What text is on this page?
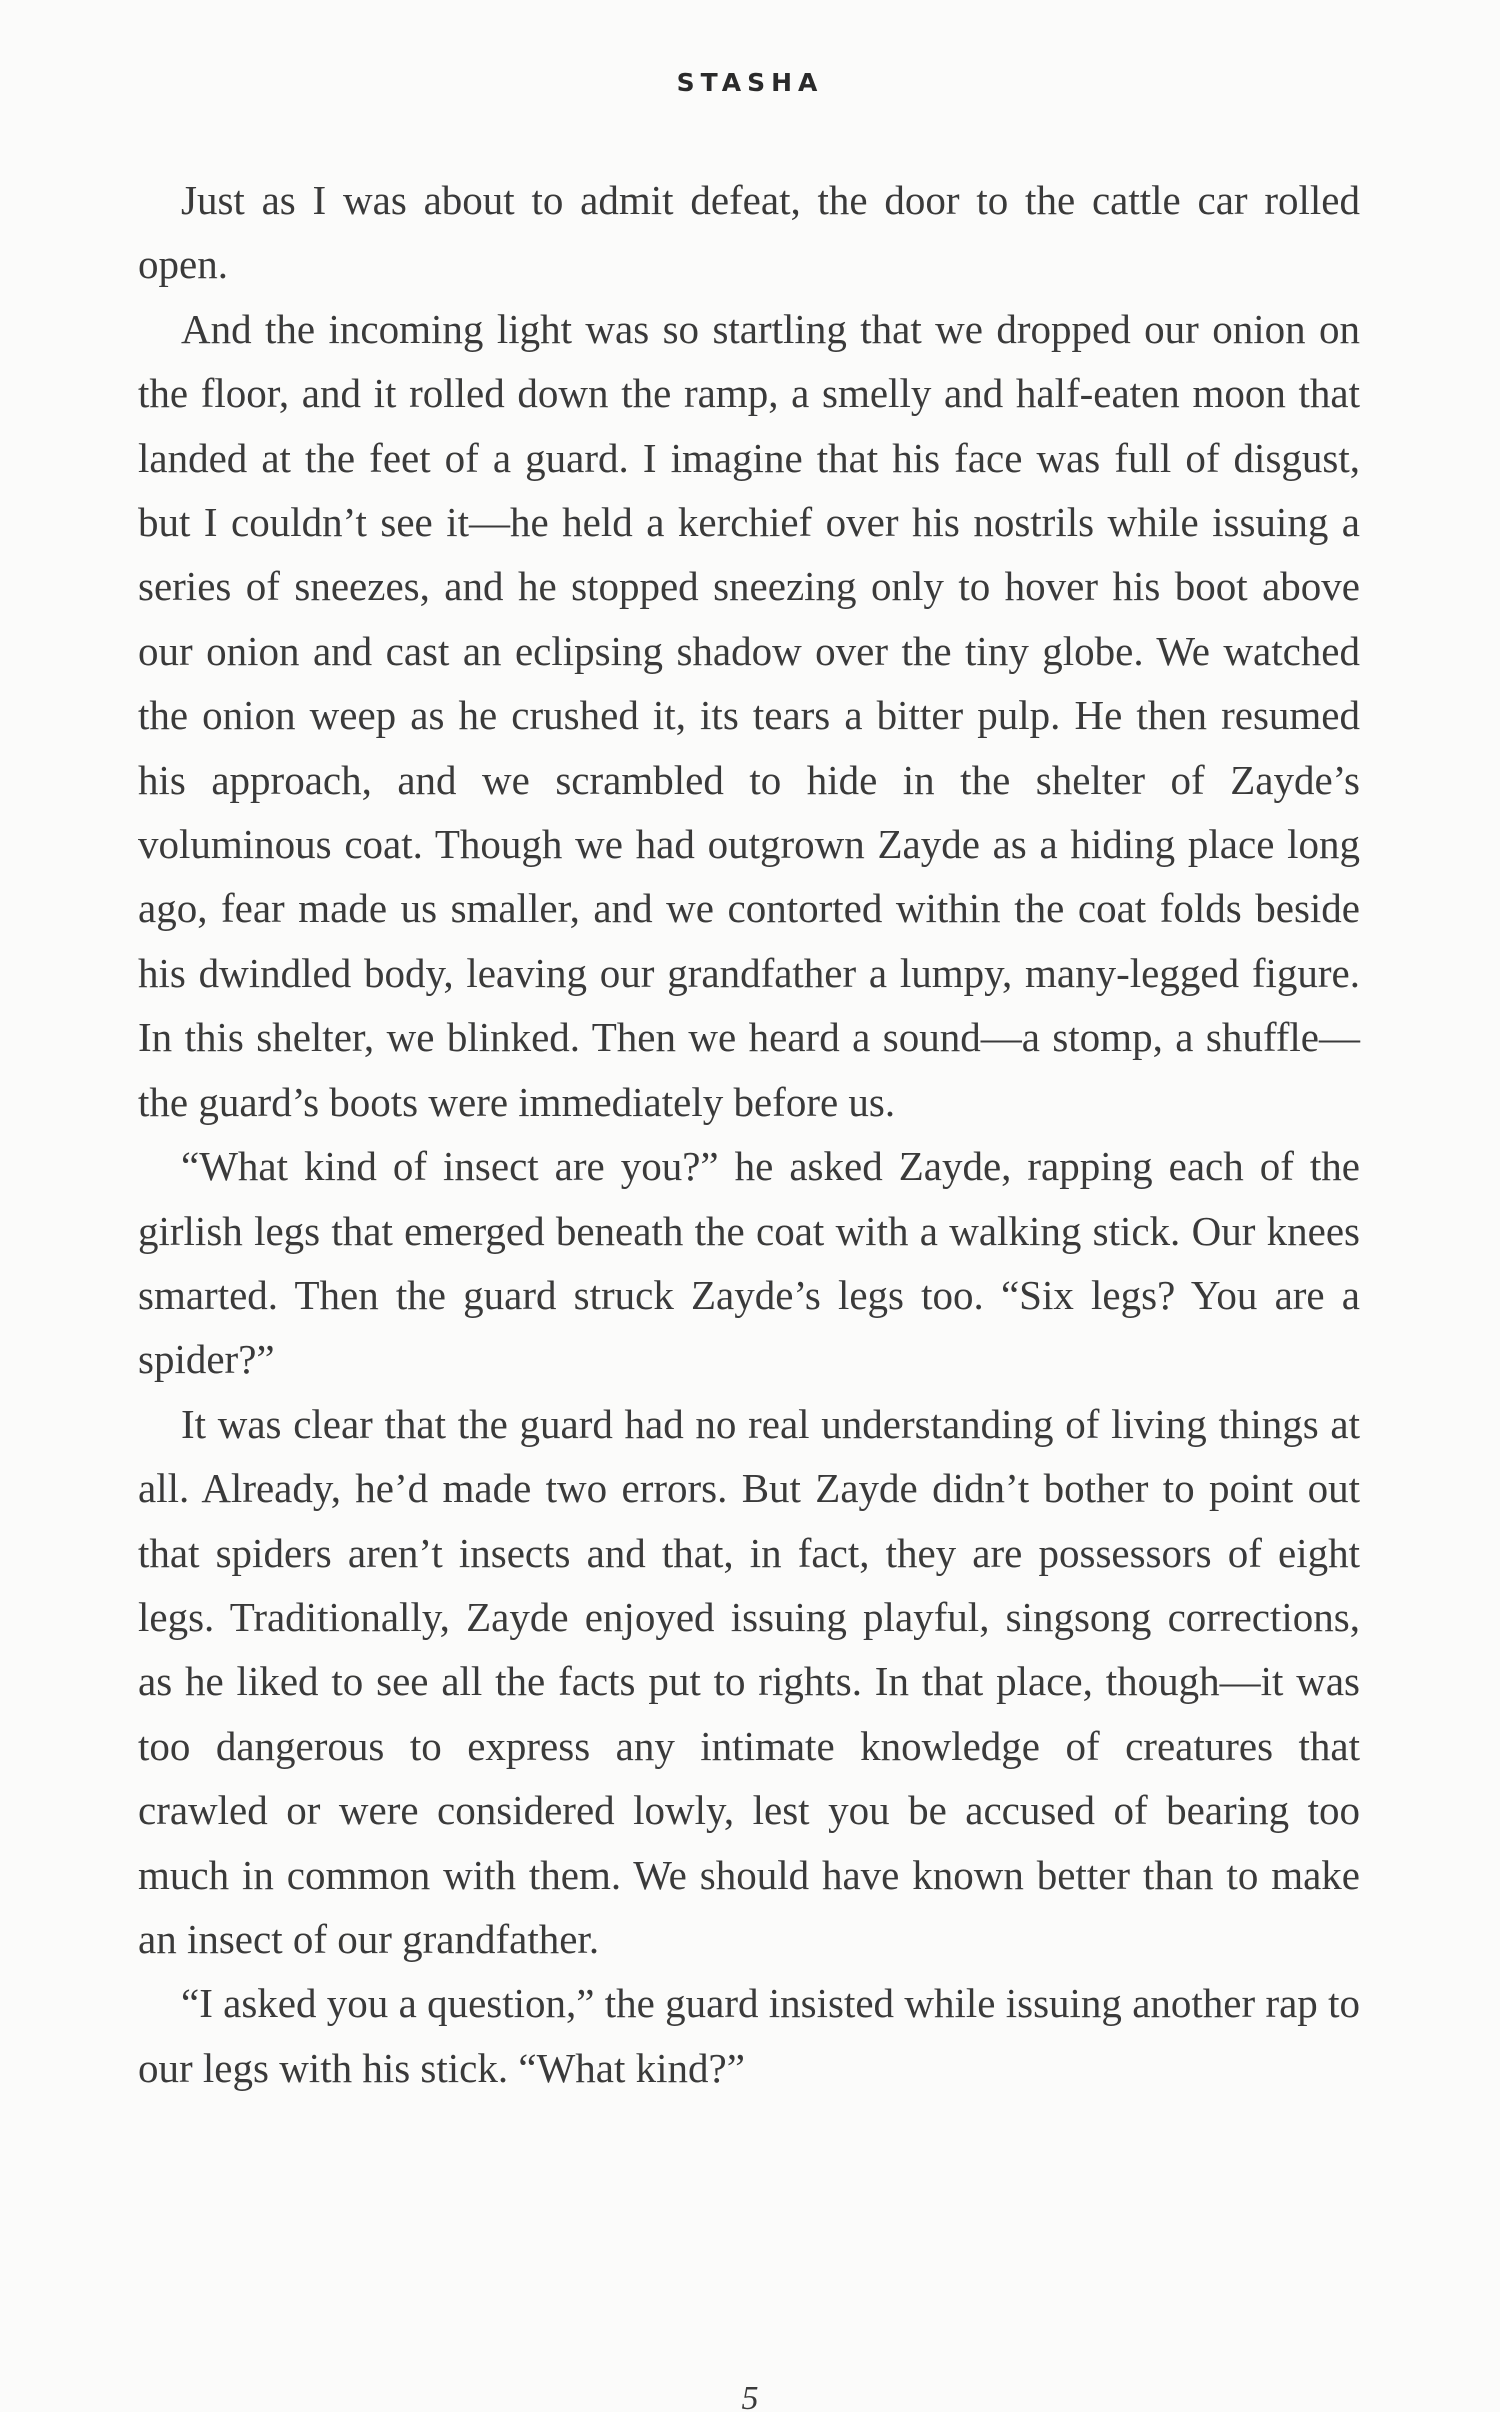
STASHA

Just as I was about to admit defeat, the door to the cattle car rolled open.

And the incoming light was so startling that we dropped our onion on the floor, and it rolled down the ramp, a smelly and half-eaten moon that landed at the feet of a guard. I imagine that his face was full of disgust, but I couldn’t see it—he held a kerchief over his nostrils while issuing a series of sneezes, and he stopped sneezing only to hover his boot above our onion and cast an eclipsing shadow over the tiny globe. We watched the onion weep as he crushed it, its tears a bitter pulp. He then resumed his approach, and we scrambled to hide in the shelter of Zayde’s voluminous coat. Though we had outgrown Zayde as a hiding place long ago, fear made us smaller, and we contorted within the coat folds beside his dwindled body, leaving our grandfather a lumpy, many-legged figure. In this shelter, we blinked. Then we heard a sound—a stomp, a shuffle—the guard’s boots were immediately before us.

“What kind of insect are you?” he asked Zayde, rapping each of the girlish legs that emerged beneath the coat with a walking stick. Our knees smarted. Then the guard struck Zayde’s legs too. “Six legs? You are a spider?”

It was clear that the guard had no real understanding of living things at all. Already, he’d made two errors. But Zayde didn’t bother to point out that spiders aren’t insects and that, in fact, they are possessors of eight legs. Traditionally, Zayde enjoyed issuing playful, singsong corrections, as he liked to see all the facts put to rights. In that place, though—it was too dangerous to express any intimate knowledge of creatures that crawled or were considered lowly, lest you be accused of bearing too much in common with them. We should have known better than to make an insect of our grandfather.

“I asked you a question,” the guard insisted while issuing another rap to our legs with his stick. “What kind?”

5
